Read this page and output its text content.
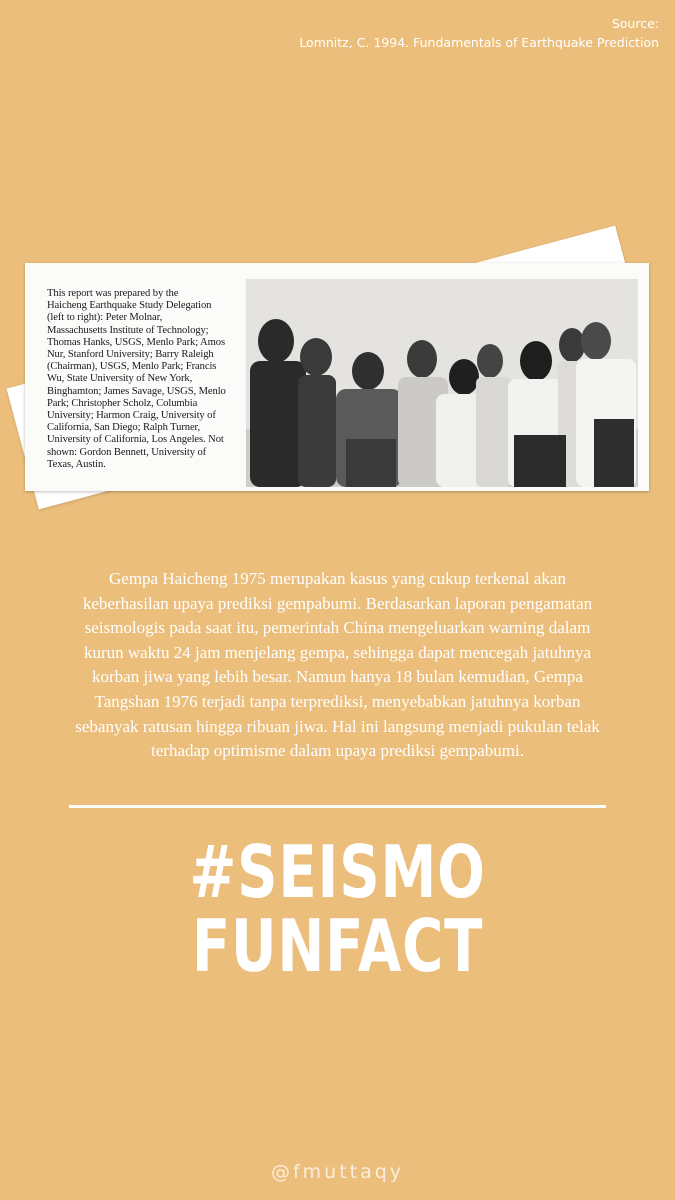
Source:
Lomnitz, C. 1994. Fundamentals of Earthquake Prediction
This report was prepared by the
Haicheng Earthquake Study Delegation
(left to right): Peter Molnar,
Massachusetts Institute of Technology;
Thomas Hanks, USGS, Menlo Park; Amos
Nur, Stanford University; Barry Raleigh
(Chairman), USGS, Menlo Park; Francis
Wu, State University of New York,
Binghamton; James Savage, USGS, Menlo
Park; Christopher Scholz, Columbia
University; Harmon Craig, University of
California, San Diego; Ralph Turner,
University of California, Los Angeles. Not
shown: Gordon Bennett, University of
Texas, Austin.
Gempa Haicheng 1975 merupakan kasus yang cukup terkenal akan
keberhasilan upaya prediksi gempabumi. Berdasarkan laporan pengamatan
seismologis pada saat itu, pemerintah China mengeluarkan warning dalam
kurun waktu 24 jam menjelang gempa, sehingga dapat mencegah jatuhnya
korban jiwa yang lebih besar. Namun hanya 18 bulan kemudian, Gempa
Tangshan 1976 terjadi tanpa terprediksi, menyebabkan jatuhnya korban
sebanyak ratusan hingga ribuan jiwa. Hal ini langsung menjadi pukulan telak
terhadap optimisme dalam upaya prediksi gempabumi.
#SEISMO
FUNFACT
@fmuttaqy
